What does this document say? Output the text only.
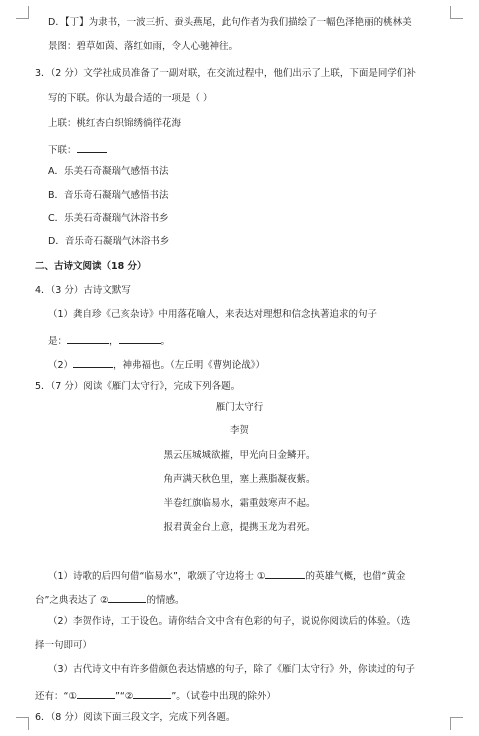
D．【丁】为隶书，一波三折、蚕头燕尾，此句作者为我们描绘了一幅色泽艳丽的桃林美
景图：碧草如茵、落红如雨，令人心驰神往。
3．（2 分）文学社成员准备了一副对联，在交流过程中，他们出示了上联，下面是同学们补
写的下联。你认为最合适的一项是（ ）
上联：桃红杏白织锦绣徜徉花海
下联：
A．乐美石奇凝瑞气感悟书法
B．音乐奇石凝瑞气感悟书法
C．乐美石奇凝瑞气沐浴书乡
D．音乐奇石凝瑞气沐浴书乡
二、古诗文阅读（18 分）
4．（3 分）古诗文默写
（1）龚自珍《己亥杂诗》中用落花喻人，来表达对理想和信念执著追求的句子
是：	，	。
（2）	，神弗福也。（左丘明《曹刿论战》）
5．（7 分）阅读《雁门太守行》，完成下列各题。
雁门太守行
李贺
黑云压城城欲摧，甲光向日金鳞开。
角声满天秋色里，塞上燕脂凝夜紫。
半卷红旗临易水，霜重鼓寒声不起。
报君黄金台上意，提携玉龙为君死。
（1）诗歌的后四句借“临易水”，歌颂了守边将士 ①	的英雄气概，也借“黄金
台”之典表达了 ②	的情感。
（2）李贺作诗，工于设色。请你结合文中含有色彩的句子，说说你阅读后的体验。（选
择一句即可）
（3）古代诗文中有许多借颜色表达情感的句子，除了《雁门太守行》外，你读过的句子
还有：“①	”“②	”。（试卷中出现的除外）
6．（8 分）阅读下面三段文字，完成下列各题。
